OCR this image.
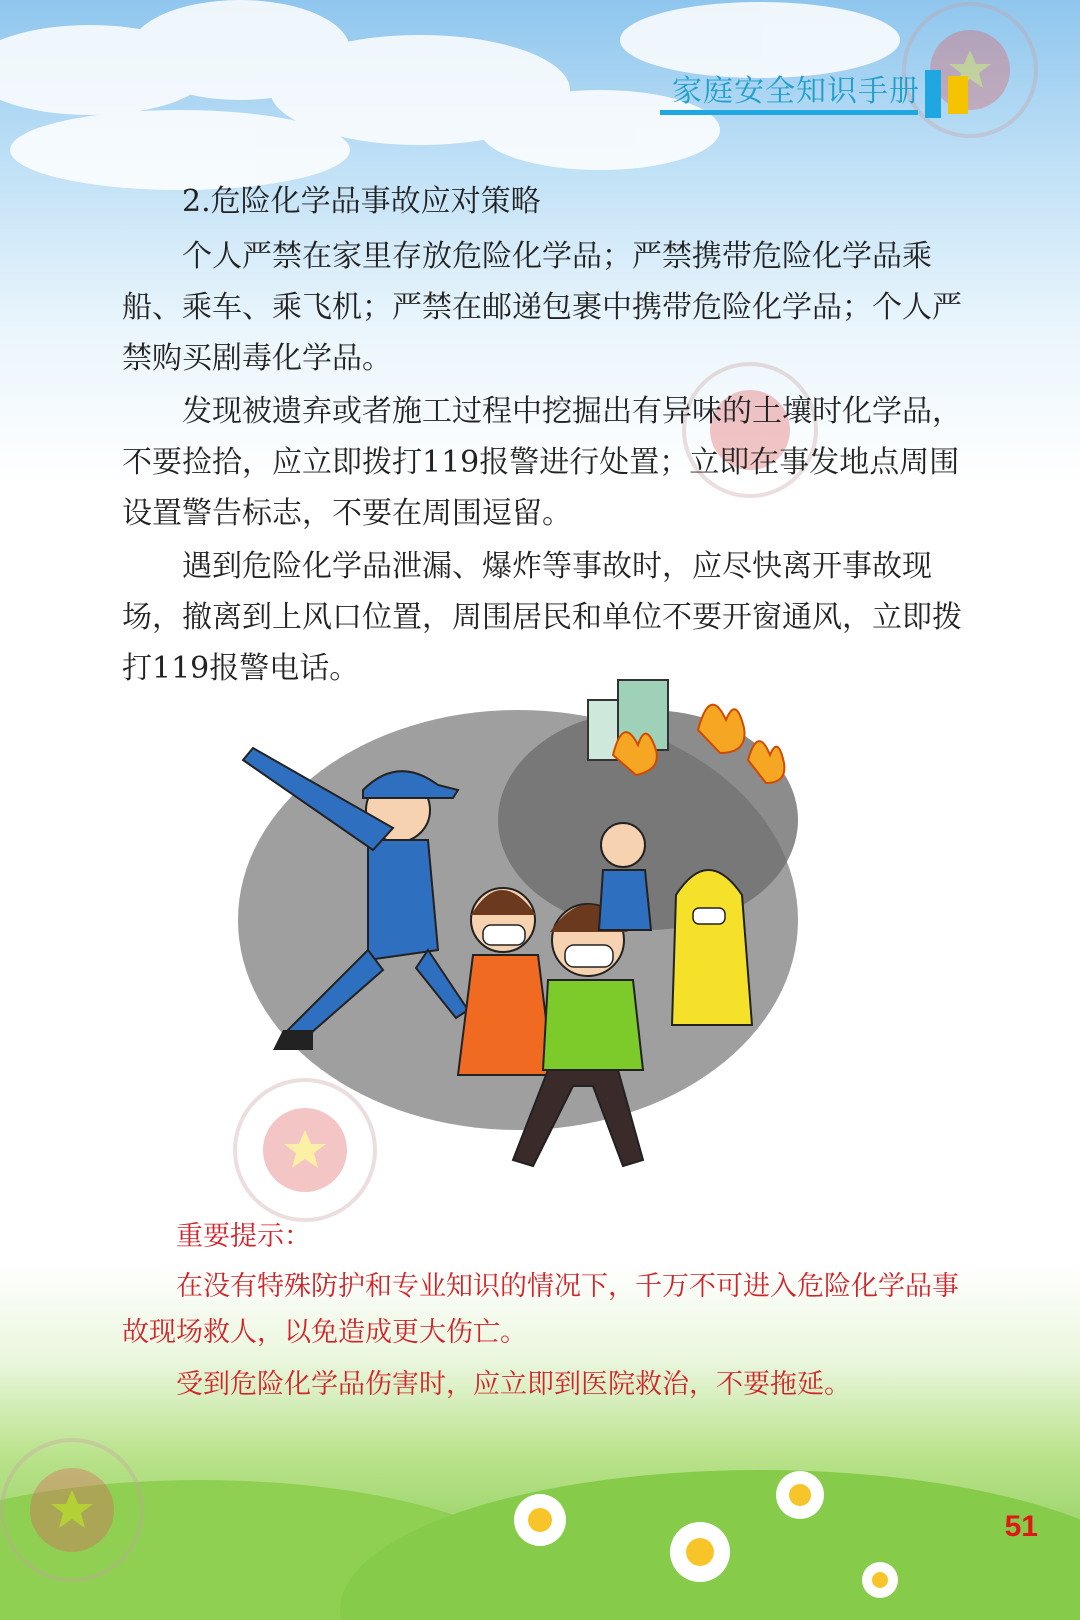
家庭安全知识手册

2.危险化学品事故应对策略

个人严禁在家里存放危险化学品；严禁携带危险化学品乘船、乘车、乘飞机；严禁在邮递包裹中携带危险化学品；个人严禁购买剧毒化学品。

发现被遗弃或者施工过程中挖掘出有异味的土壤时化学品，不要捡拾，应立即拨打119报警进行处置；立即在事发地点周围设置警告标志，不要在周围逗留。

遇到危险化学品泄漏、爆炸等事故时，应尽快离开事故现场，撤离到上风口位置，周围居民和单位不要开窗通风，立即拨打119报警电话。

重要提示：

在没有特殊防护和专业知识的情况下，千万不可进入危险化学品事故现场救人，以免造成更大伤亡。

受到危险化学品伤害时，应立即到医院救治，不要拖延。

51
